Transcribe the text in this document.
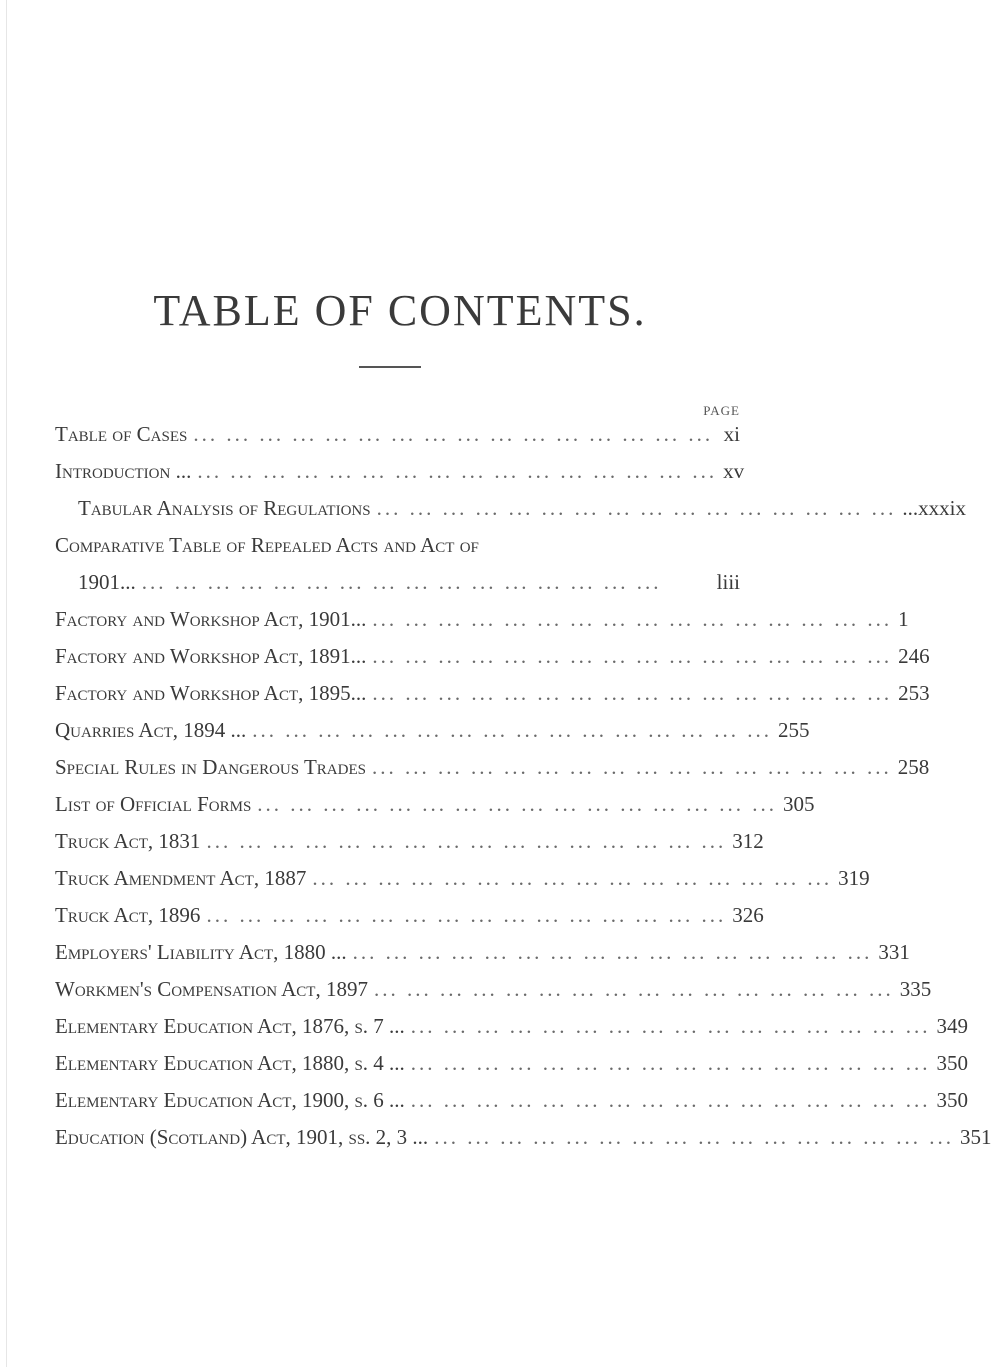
TABLE OF CONTENTS.
PAGE
Table of Cases ... ... ... ... ... ... ... ... ... ... ... ... ... ... ... ... xi
Introduction ... ... ... ... ... ... ... ... ... ... ... ... ... ... ... ... ... xv
Tabular Analysis of Regulations ... ... ... ... ... ... ... ... ... ... ... ... ... ... ... ... ...xxxix
Comparative Table of Repealed Acts and Act of
1901... ... ... ... ... ... ... ... ... ... ... ... ... ... ... ... ...	liii
Factory and Workshop Act, 1901... ... ... ... ... ... ... ... ... ... ... ... ... ... ... ... ... 1
Factory and Workshop Act, 1891... ... ... ... ... ... ... ... ... ... ... ... ... ... ... ... ... 246
Factory and Workshop Act, 1895... ... ... ... ... ... ... ... ... ... ... ... ... ... ... ... ... 253
Quarries Act, 1894 ... ... ... ... ... ... ... ... ... ... ... ... ... ... ... ... ... 255
Special Rules in Dangerous Trades ... ... ... ... ... ... ... ... ... ... ... ... ... ... ... ... 258
List of Official Forms ... ... ... ... ... ... ... ... ... ... ... ... ... ... ... ... 305
Truck Act, 1831 ... ... ... ... ... ... ... ... ... ... ... ... ... ... ... ... 312
Truck Amendment Act, 1887 ... ... ... ... ... ... ... ... ... ... ... ... ... ... ... ... 319
Truck Act, 1896 ... ... ... ... ... ... ... ... ... ... ... ... ... ... ... ... 326
Employers' Liability Act, 1880 ... ... ... ... ... ... ... ... ... ... ... ... ... ... ... ... ... 331
Workmen's Compensation Act, 1897 ... ... ... ... ... ... ... ... ... ... ... ... ... ... ... ... 335
Elementary Education Act, 1876, s. 7 ... ... ... ... ... ... ... ... ... ... ... ... ... ... ... ... ... 349
Elementary Education Act, 1880, s. 4 ... ... ... ... ... ... ... ... ... ... ... ... ... ... ... ... ... 350
Elementary Education Act, 1900, s. 6 ... ... ... ... ... ... ... ... ... ... ... ... ... ... ... ... ... 350
Education (Scotland) Act, 1901, ss. 2, 3 ... ... ... ... ... ... ... ... ... ... ... ... ... ... ... ... ... 351
